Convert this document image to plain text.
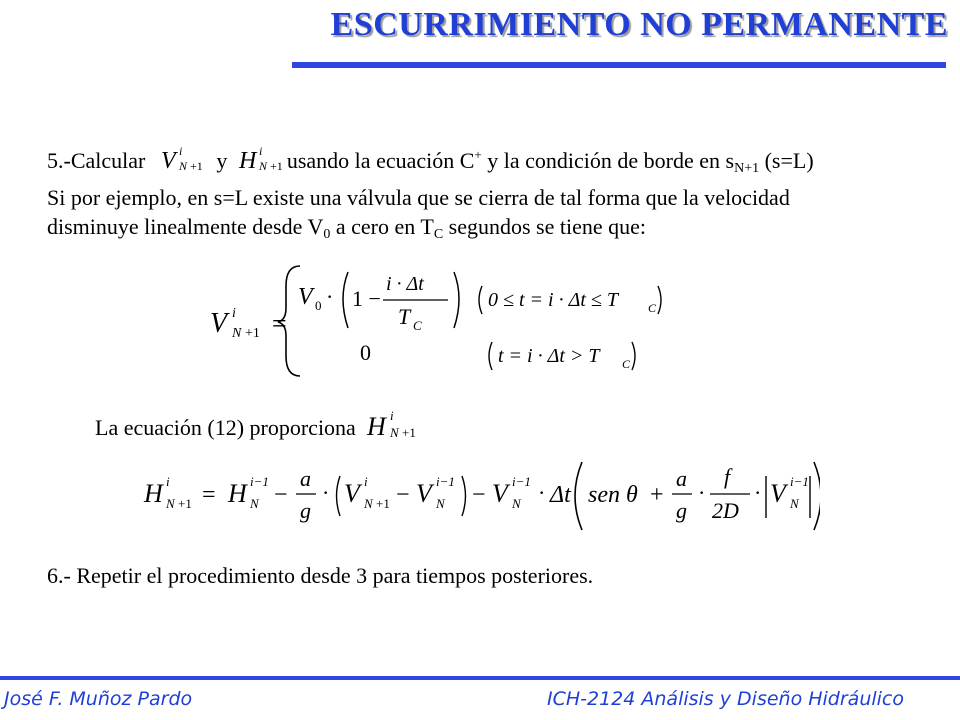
ESCURRIMIENTO NO PERMANENTE
5.-Calcular V i
N +1 y H i
N +1 usando la ecuación C+ y la condición de borde en $s_{N+1}$ (s=L)
Si por ejemplo, en s=L existe una válvula que se cierra de tal forma que la velocidad
disminuye linealmente desde $V_0$ a cero en $T_C$ segundos se tiene que:
V i
N +1 =
V 0 · 1 −
i · Δt
T C
0 ≤ t = i · Δt ≤ T	C
0	t = i · Δt > T C
La ecuación (12) proporciona H i
N +1
H i
N +1 = H i−1
N −
a
g
· V i
N +1 − V i−1
N − V i−1
N · Δt sen θ +
a
g
·
f
2D
· V i−1
N
6.- Repetir el procedimiento desde 3 para tiempos posteriores.
José F. Muñoz Pardo	ICH-2124 Análisis y Diseño Hidráulico
